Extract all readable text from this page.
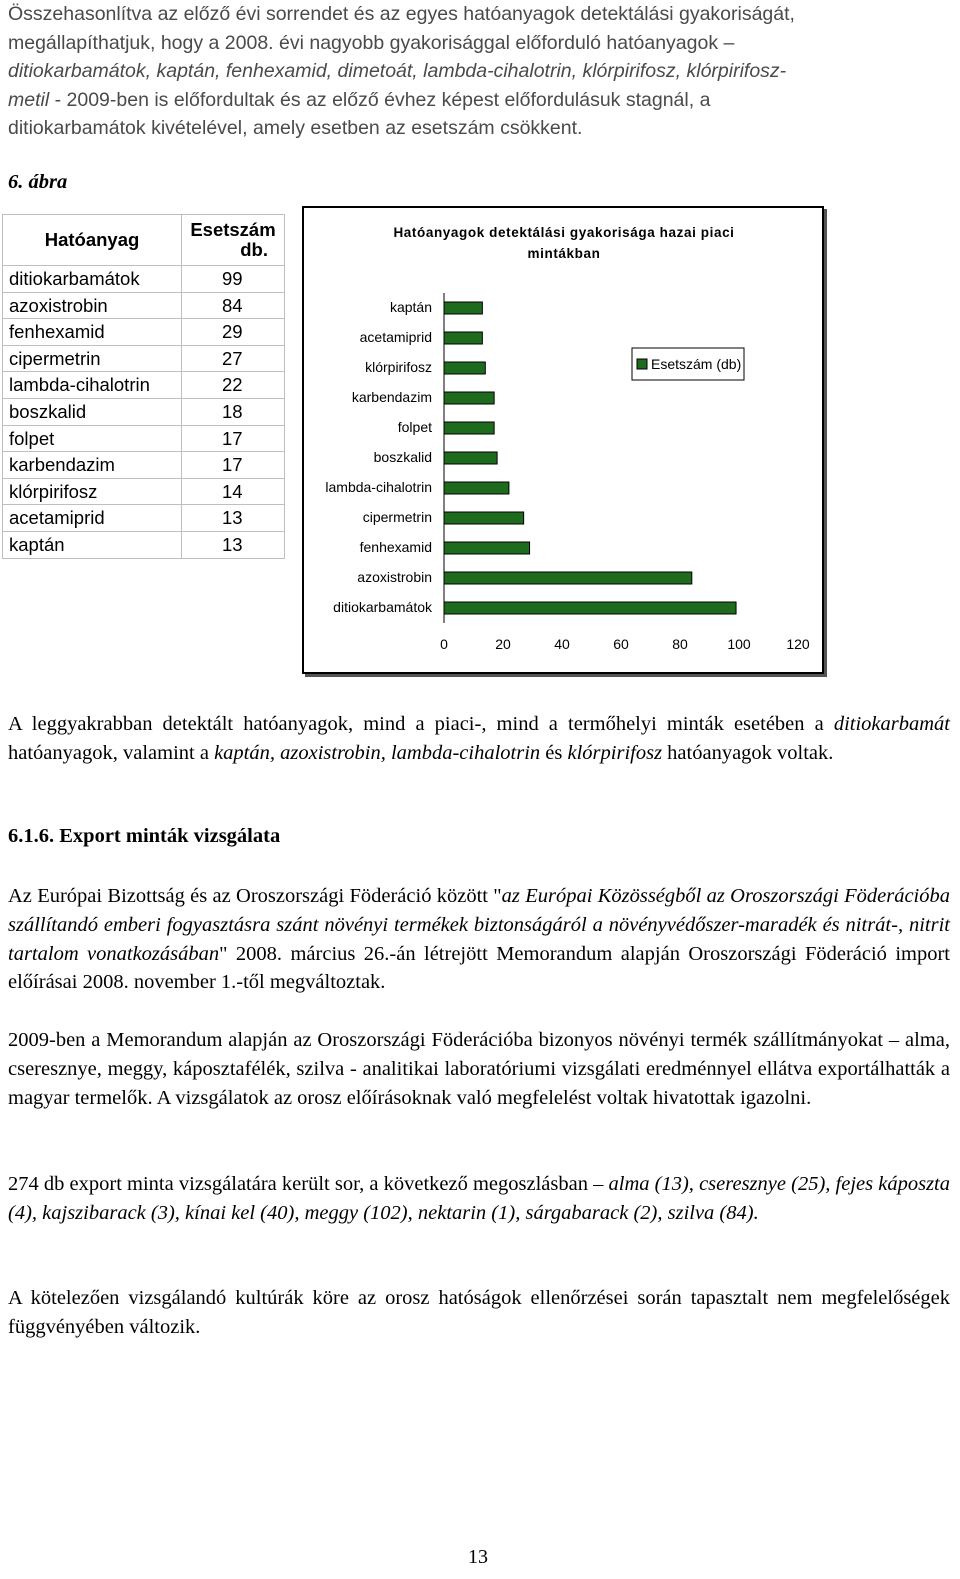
Összehasonlítva az előző évi sorrendet és az egyes hatóanyagok detektálási gyakoriságát,
megállapíthatjuk, hogy a 2008. évi nagyobb gyakorisággal előforduló hatóanyagok –
ditiokarbamátok, kaptán, fenhexamid, dimetoát, lambda-cihalotrin, klórpirifosz, klórpirifosz-
metil - 2009-ben is előfordultak és az előző évhez képest előfordulásuk stagnál, a
ditiokarbamátok kivételével, amely esetben az esetszám csökkent.
6. ábra
Hatóanyag	Esetszám
db.

ditiokarbamátok	99
azoxistrobin	84
fenhexamid	29
cipermetrin	27
lambda-cihalotrin	22
boszkalid	18
folpet	17
karbendazim	17
klórpirifosz	14
acetamiprid	13
kaptán	13
Hatóanyagok detektálási gyakorisága hazai piaci
mintákban
kaptán
acetamiprid
klórpirifosz
karbendazim
folpet
boszkalid
lambda-cihalotrin
cipermetrin
fenhexamid
azoxistrobin
ditiokarbamátok
0	20	40	60	80	100	120
Esetszám (db)
A leggyakrabban detektált hatóanyagok, mind a piaci-, mind a termőhelyi minták esetében a ditiokarbamát hatóanyagok, valamint a kaptán, azoxistrobin, lambda-cihalotrin és klórpirifosz hatóanyagok voltak.
6.1.6. Export minták vizsgálata
Az Európai Bizottság és az Oroszországi Föderáció között "az Európai Közösségből az Oroszországi Föderációba szállítandó emberi fogyasztásra szánt növényi termékek biztonságáról a növényvédőszer-maradék és nitrát-, nitrit tartalom vonatkozásában" 2008. március 26.-án létrejött Memorandum alapján Oroszországi Föderáció import előírásai 2008. november 1.-től megváltoztak.
2009-ben a Memorandum alapján az Oroszországi Föderációba bizonyos növényi termék szállítmányokat – alma, cseresznye, meggy, káposztafélék, szilva - analitikai laboratóriumi vizsgálati eredménnyel ellátva exportálhatták a magyar termelők. A vizsgálatok az orosz előírásoknak való megfelelést voltak hivatottak igazolni.
274 db export minta vizsgálatára került sor, a következő megoszlásban – alma (13), cseresznye (25), fejes káposzta (4), kajszibarack (3), kínai kel (40), meggy (102), nektarin (1), sárgabarack (2), szilva (84).
A kötelezően vizsgálandó kultúrák köre az orosz hatóságok ellenőrzései során tapasztalt nem megfelelőségek függvényében változik.
13
